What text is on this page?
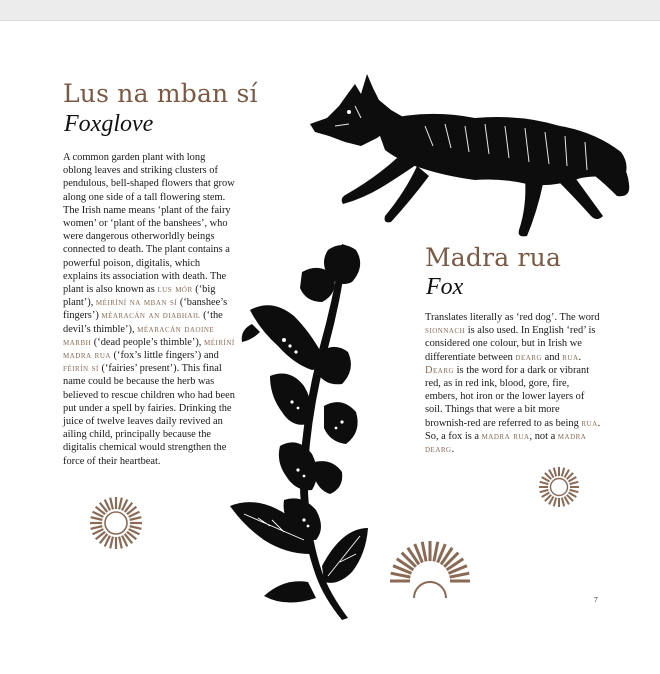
Lus na mban sí
Foxglove
A common garden plant with long oblong leaves and striking clusters of pendulous, bell-shaped flowers that grow along one side of a tall flowering stem. The Irish name means ‘plant of the fairy women’ or ‘plant of the banshees’, who were dangerous otherworldly beings connected to death. The plant contains a powerful poison, digitalis, which explains its association with death. The plant is also known as lus mór (‘big plant’), méiríní na mban sí (‘banshee’s fingers’) méaracán an diabhail (‘the devil’s thimble’), méaracán daoine marbh (‘dead people’s thimble’), méiríní madra rua (‘fox’s little fingers’) and féirín sí (‘fairies’ present’). This final name could be because the herb was believed to rescue children who had been put under a spell by fairies. Drinking the juice of twelve leaves daily revived an ailing child, principally because the digitalis chemical would strengthen the force of their heartbeat.
Madra rua
Fox
Translates literally as ‘red dog’. The word sionnach is also used. In English ‘red’ is considered one colour, but in Irish we differentiate between dearg and rua. Dearg is the word for a dark or vibrant red, as in red ink, blood, gore, fire, embers, hot iron or the lower layers of soil. Things that were a bit more brownish-red are referred to as being rua. So, a fox is a madra rua, not a madra dearg.
7
